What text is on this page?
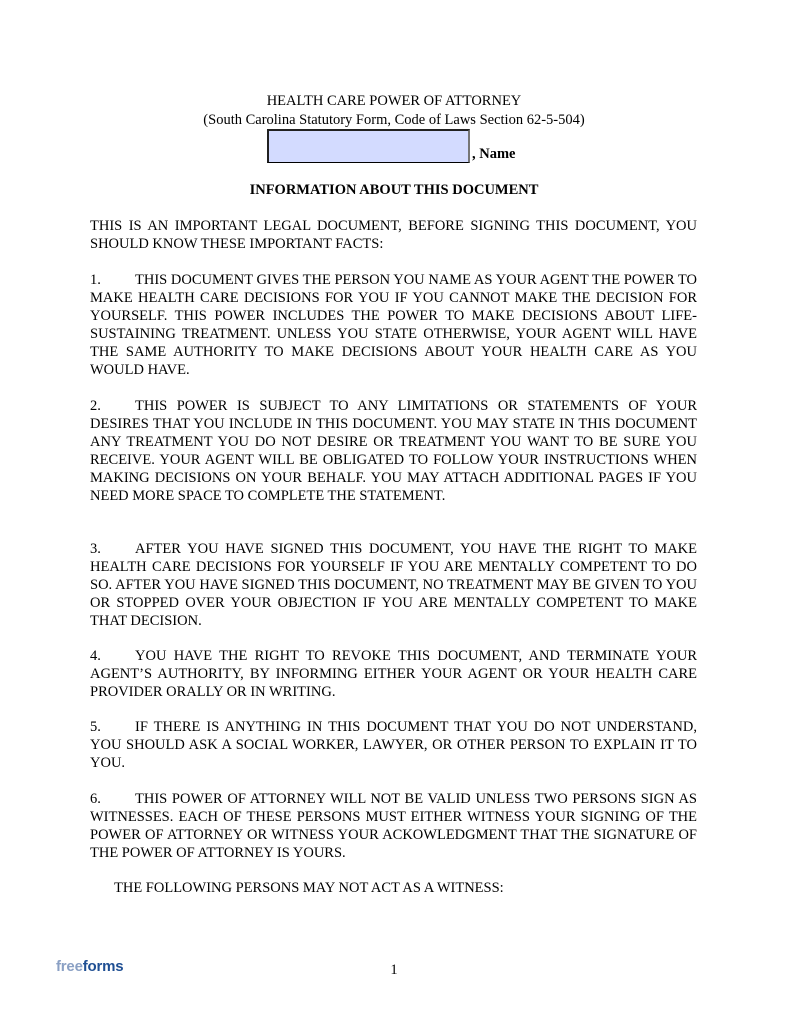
HEALTH CARE POWER OF ATTORNEY
(South Carolina Statutory Form, Code of Laws Section 62-5-504)
, Name
INFORMATION ABOUT THIS DOCUMENT
THIS IS AN IMPORTANT LEGAL DOCUMENT, BEFORE SIGNING THIS DOCUMENT, YOU SHOULD KNOW THESE IMPORTANT FACTS:
1. THIS DOCUMENT GIVES THE PERSON YOU NAME AS YOUR AGENT THE POWER TO MAKE HEALTH CARE DECISIONS FOR YOU IF YOU CANNOT MAKE THE DECISION FOR YOURSELF. THIS POWER INCLUDES THE POWER TO MAKE DECISIONS ABOUT LIFE-SUSTAINING TREATMENT. UNLESS YOU STATE OTHERWISE, YOUR AGENT WILL HAVE THE SAME AUTHORITY TO MAKE DECISIONS ABOUT YOUR HEALTH CARE AS YOU WOULD HAVE.
2. THIS POWER IS SUBJECT TO ANY LIMITATIONS OR STATEMENTS OF YOUR DESIRES THAT YOU INCLUDE IN THIS DOCUMENT. YOU MAY STATE IN THIS DOCUMENT ANY TREATMENT YOU DO NOT DESIRE OR TREATMENT YOU WANT TO BE SURE YOU RECEIVE. YOUR AGENT WILL BE OBLIGATED TO FOLLOW YOUR INSTRUCTIONS WHEN MAKING DECISIONS ON YOUR BEHALF. YOU MAY ATTACH ADDITIONAL PAGES IF YOU NEED MORE SPACE TO COMPLETE THE STATEMENT.
3. AFTER YOU HAVE SIGNED THIS DOCUMENT, YOU HAVE THE RIGHT TO MAKE HEALTH CARE DECISIONS FOR YOURSELF IF YOU ARE MENTALLY COMPETENT TO DO SO. AFTER YOU HAVE SIGNED THIS DOCUMENT, NO TREATMENT MAY BE GIVEN TO YOU OR STOPPED OVER YOUR OBJECTION IF YOU ARE MENTALLY COMPETENT TO MAKE THAT DECISION.
4. YOU HAVE THE RIGHT TO REVOKE THIS DOCUMENT, AND TERMINATE YOUR AGENT’S AUTHORITY, BY INFORMING EITHER YOUR AGENT OR YOUR HEALTH CARE PROVIDER ORALLY OR IN WRITING.
5. IF THERE IS ANYTHING IN THIS DOCUMENT THAT YOU DO NOT UNDERSTAND, YOU SHOULD ASK A SOCIAL WORKER, LAWYER, OR OTHER PERSON TO EXPLAIN IT TO YOU.
6. THIS POWER OF ATTORNEY WILL NOT BE VALID UNLESS TWO PERSONS SIGN AS WITNESSES. EACH OF THESE PERSONS MUST EITHER WITNESS YOUR SIGNING OF THE POWER OF ATTORNEY OR WITNESS YOUR ACKOWLEDGMENT THAT THE SIGNATURE OF THE POWER OF ATTORNEY IS YOURS.
THE FOLLOWING PERSONS MAY NOT ACT AS A WITNESS:
freeforms	1
